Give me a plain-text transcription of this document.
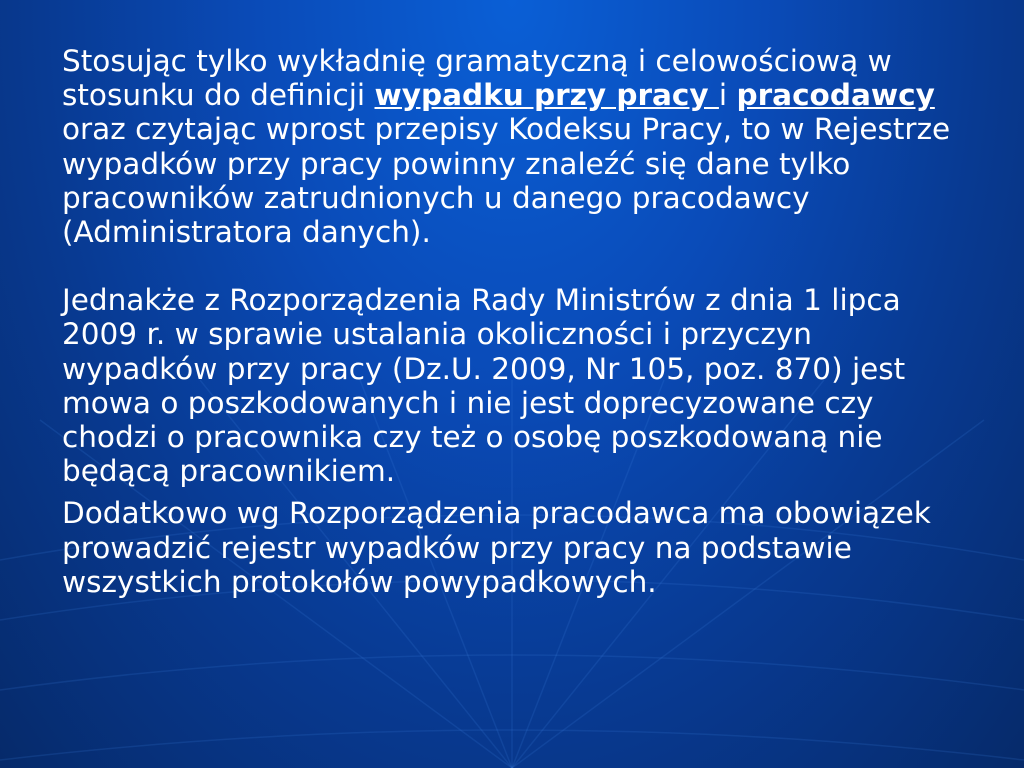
Stosując tylko wykładnię gramatyczną i celowościową w stosunku do definicji wypadku przy pracy i pracodawcy oraz czytając wprost przepisy Kodeksu Pracy, to w Rejestrze wypadków przy pracy powinny znaleźć się dane tylko pracowników zatrudnionych u danego pracodawcy (Administratora danych).

Jednakże z Rozporządzenia Rady Ministrów z dnia 1 lipca 2009 r. w sprawie ustalania okoliczności i przyczyn wypadków przy pracy (Dz.U. 2009, Nr 105, poz. 870) jest mowa o poszkodowanych i nie jest doprecyzowane czy chodzi o pracownika czy też o osobę poszkodowaną nie będącą pracownikiem.

Dodatkowo wg Rozporządzenia pracodawca ma obowiązek prowadzić rejestr wypadków przy pracy na podstawie wszystkich protokołów powypadkowych.
